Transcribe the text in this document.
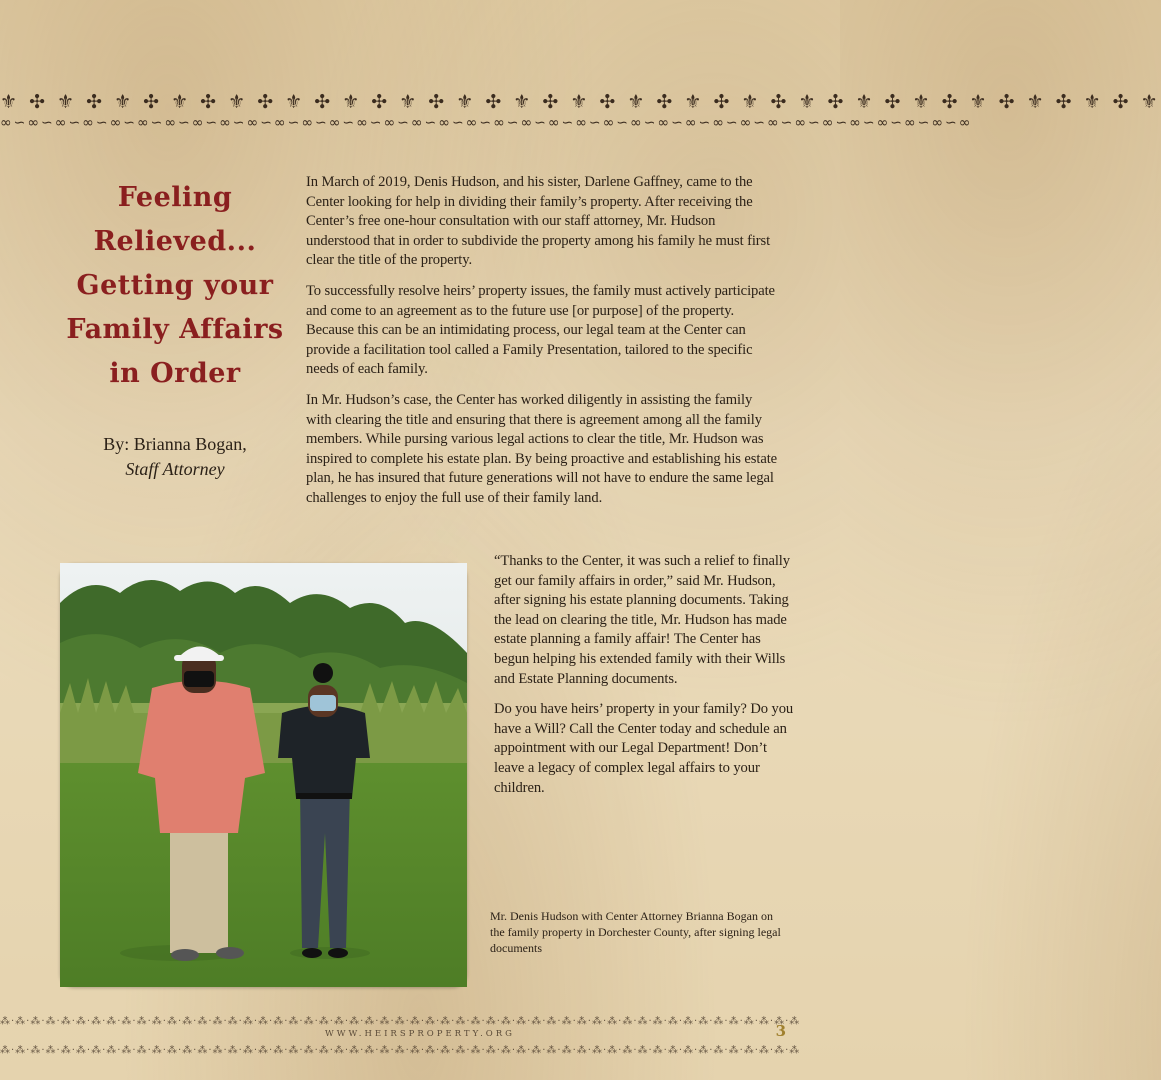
⚜ ✣ ⚜ ✣ ⚜ ✣ ⚜ ✣ ⚜ ✣ ⚜ ✣ ⚜ ✣ ⚜ ✣ ⚜ ✣ ⚜ ✣ ⚜ ✣ ⚜ ✣ ⚜ ✣ ⚜ ✣ ⚜ ✣ ⚜ ✣ ⚜ ✣ ⚜ ✣ ⚜ ✣ ⚜ ✣ ⚜
∞∽∞∽∞∽∞∽∞∽∞∽∞∽∞∽∞∽∞∽∞∽∞∽∞∽∞∽∞∽∞∽∞∽∞∽∞∽∞∽∞∽∞∽∞∽∞∽∞∽∞∽∞∽∞∽∞∽∞∽∞∽∞∽∞∽∞∽∞∽∞
Feeling Relieved... Getting your Family Affairs in Order
By: Brianna Bogan,
Staff Attorney

In March of 2019, Denis Hudson, and his sister, Darlene Gaffney, came to the Center looking for help in dividing their family’s property. After receiving the Center’s free one-hour consultation with our staff attorney, Mr. Hudson understood that in order to subdivide the property among his family he must first clear the title of the property.

To successfully resolve heirs’ property issues, the family must actively participate and come to an agreement as to the future use [or purpose] of the property. Because this can be an intimidating process, our legal team at the Center can provide a facilitation tool called a Family Presentation, tailored to the specific needs of each family.

In Mr. Hudson’s case, the Center has worked diligently in assisting the family with clearing the title and ensuring that there is agreement among all the family members. While pursing various legal actions to clear the title, Mr. Hudson was inspired to complete his estate plan. By being proactive and establishing his estate plan, he has insured that future generations will not have to endure the same legal challenges to enjoy the full use of their family land.

“Thanks to the Center, it was such a relief to finally get our family affairs in order,” said Mr. Hudson, after signing his estate planning documents. Taking the lead on clearing the title, Mr. Hudson has made estate planning a family affair! The Center has begun helping his extended family with their Wills and Estate Planning documents.

Do you have heirs’ property in your family? Do you have a Will? Call the Center today and schedule an appointment with our Legal Department! Don’t leave a legacy of complex legal affairs to your children.

Mr. Denis Hudson with Center Attorney Brianna Bogan on the family property in Dorchester County, after signing legal documents
⁂·⁂·⁂·⁂·⁂·⁂·⁂·⁂·⁂·⁂·⁂·⁂·⁂·⁂·⁂·⁂·⁂·⁂·⁂·⁂·⁂·⁂·⁂·⁂·⁂·⁂·⁂·⁂·⁂·⁂·⁂·⁂·⁂·⁂·⁂·⁂·⁂·⁂·⁂·⁂·⁂·⁂·⁂·⁂·⁂·⁂·⁂·⁂·⁂·⁂·⁂·⁂·⁂
WWW.HEIRSPROPERTY.ORG	3
⁂·⁂·⁂·⁂·⁂·⁂·⁂·⁂·⁂·⁂·⁂·⁂·⁂·⁂·⁂·⁂·⁂·⁂·⁂·⁂·⁂·⁂·⁂·⁂·⁂·⁂·⁂·⁂·⁂·⁂·⁂·⁂·⁂·⁂·⁂·⁂·⁂·⁂·⁂·⁂·⁂·⁂·⁂·⁂·⁂·⁂·⁂·⁂·⁂·⁂·⁂·⁂·⁂
